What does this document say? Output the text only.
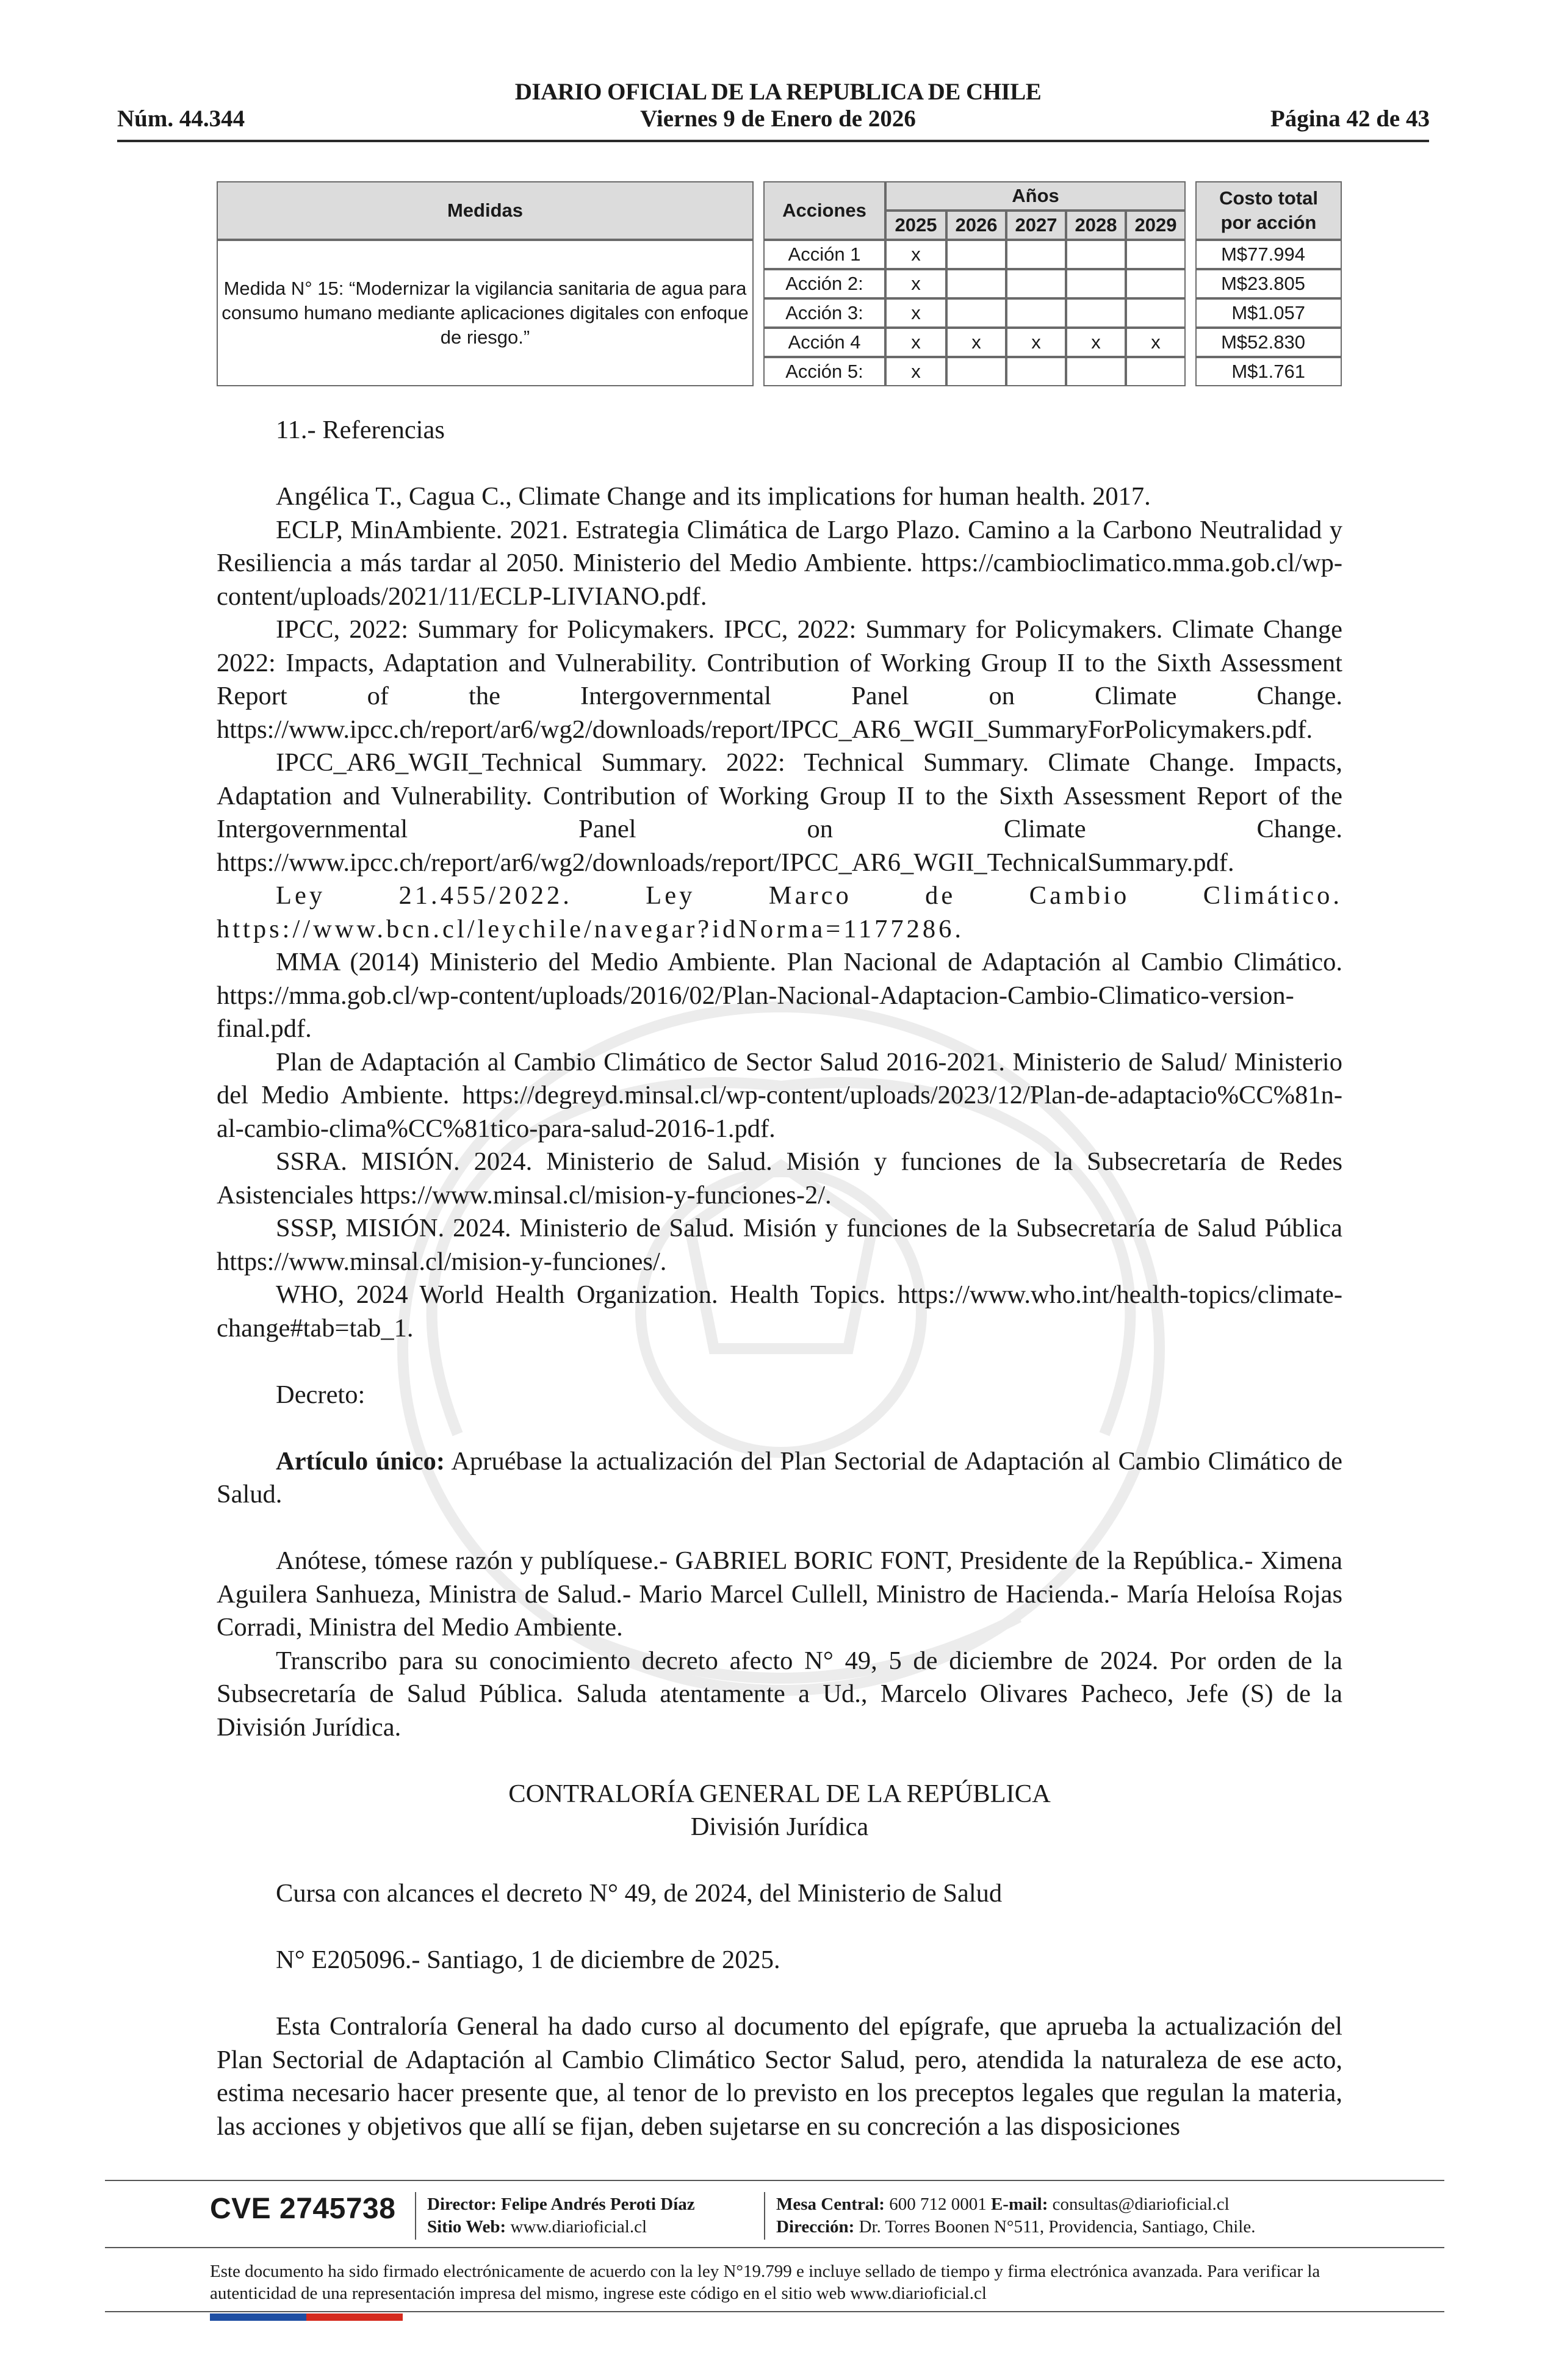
DIARIO OFICIAL DE LA REPUBLICA DE CHILE
Núm. 44.344	Viernes 9 de Enero de 2026	Página 42 de 43
Medidas		Acciones	Años						Costo total
por acción
			2025	2026	2027	2028	2029		
Medida N° 15: “Modernizar la vigilancia sanitaria de agua para consumo humano mediante aplicaciones digitales con enfoque de riesgo.”		Acción 1	x						M$77.994
		Acción 2:	x						M$23.805
		Acción 3:	x						M$1.057
		Acción 4	x	x	x	x	x		M$52.830
		Acción 5:	x						M$1.761

11.- Referencias

Angélica T., Cagua C., Climate Change and its implications for human health. 2017.

ECLP, MinAmbiente. 2021. Estrategia Climática de Largo Plazo. Camino a la Carbono Neutralidad y Resiliencia a más tardar al 2050. Ministerio del Medio Ambiente. https://cambioclimatico.mma.gob.cl/wp-content/uploads/2021/11/ECLP-LIVIANO.pdf.

IPCC, 2022: Summary for Policymakers. IPCC, 2022: Summary for Policymakers. Climate Change 2022: Impacts, Adaptation and Vulnerability. Contribution of Working Group II to the Sixth Assessment Report of the Intergovernmental Panel on Climate Change. https://www.ipcc.ch/report/ar6/wg2/downloads/report/IPCC_AR6_WGII_SummaryForPolicymakers.pdf.

IPCC_AR6_WGII_Technical Summary. 2022: Technical Summary. Climate Change. Impacts, Adaptation and Vulnerability. Contribution of Working Group II to the Sixth Assessment Report of the Intergovernmental Panel on Climate Change. https://www.ipcc.ch/report/ar6/wg2/downloads/report/IPCC_AR6_WGII_TechnicalSummary.pdf.

Ley 21.455/2022. Ley Marco de Cambio Climático. https://www.bcn.cl/leychile/navegar?idNorma=1177286.

MMA (2014) Ministerio del Medio Ambiente. Plan Nacional de Adaptación al Cambio Climático. https://mma.gob.cl/wp-content/uploads/2016/02/Plan-Nacional-Adaptacion-Cambio-Climatico-version-final.pdf.

Plan de Adaptación al Cambio Climático de Sector Salud 2016-2021. Ministerio de Salud/ Ministerio del Medio Ambiente. https://degreyd.minsal.cl/wp-content/uploads/2023/12/Plan-de-adaptacio%CC%81n-al-cambio-clima%CC%81tico-para-salud-2016-1.pdf.

SSRA. MISIÓN. 2024. Ministerio de Salud. Misión y funciones de la Subsecretaría de Redes Asistenciales https://www.minsal.cl/mision-y-funciones-2/.

SSSP, MISIÓN. 2024. Ministerio de Salud. Misión y funciones de la Subsecretaría de Salud Pública https://www.minsal.cl/mision-y-funciones/.

WHO, 2024 World Health Organization. Health Topics. https://www.who.int/health-topics/climate-change#tab=tab_1.

Decreto:

Artículo único: Apruébase la actualización del Plan Sectorial de Adaptación al Cambio Climático de Salud.

Anótese, tómese razón y publíquese.- GABRIEL BORIC FONT, Presidente de la República.- Ximena Aguilera Sanhueza, Ministra de Salud.- Mario Marcel Cullell, Ministro de Hacienda.- María Heloísa Rojas Corradi, Ministra del Medio Ambiente.

Transcribo para su conocimiento decreto afecto N° 49, 5 de diciembre de 2024. Por orden de la Subsecretaría de Salud Pública. Saluda atentamente a Ud., Marcelo Olivares Pacheco, Jefe (S) de la División Jurídica.

CONTRALORÍA GENERAL DE LA REPÚBLICA

División Jurídica

Cursa con alcances el decreto N° 49, de 2024, del Ministerio de Salud

N° E205096.- Santiago, 1 de diciembre de 2025.

Esta Contraloría General ha dado curso al documento del epígrafe, que aprueba la actualización del Plan Sectorial de Adaptación al Cambio Climático Sector Salud, pero, atendida la naturaleza de ese acto, estima necesario hacer presente que, al tenor de lo previsto en los preceptos legales que regulan la materia, las acciones y objetivos que allí se fijan, deben sujetarse en su concreción a las disposiciones

CVE 2745738 Director: Felipe Andrés Peroti Díaz
Sitio Web: www.diarioficial.cl
Mesa Central: 600 712 0001 E-mail: consultas@diarioficial.cl
Dirección: Dr. Torres Boonen N°511, Providencia, Santiago, Chile.
Este documento ha sido firmado electrónicamente de acuerdo con la ley N°19.799 e incluye sellado de tiempo y firma electrónica avanzada. Para verificar la autenticidad de una representación impresa del mismo, ingrese este código en el sitio web www.diarioficial.cl
